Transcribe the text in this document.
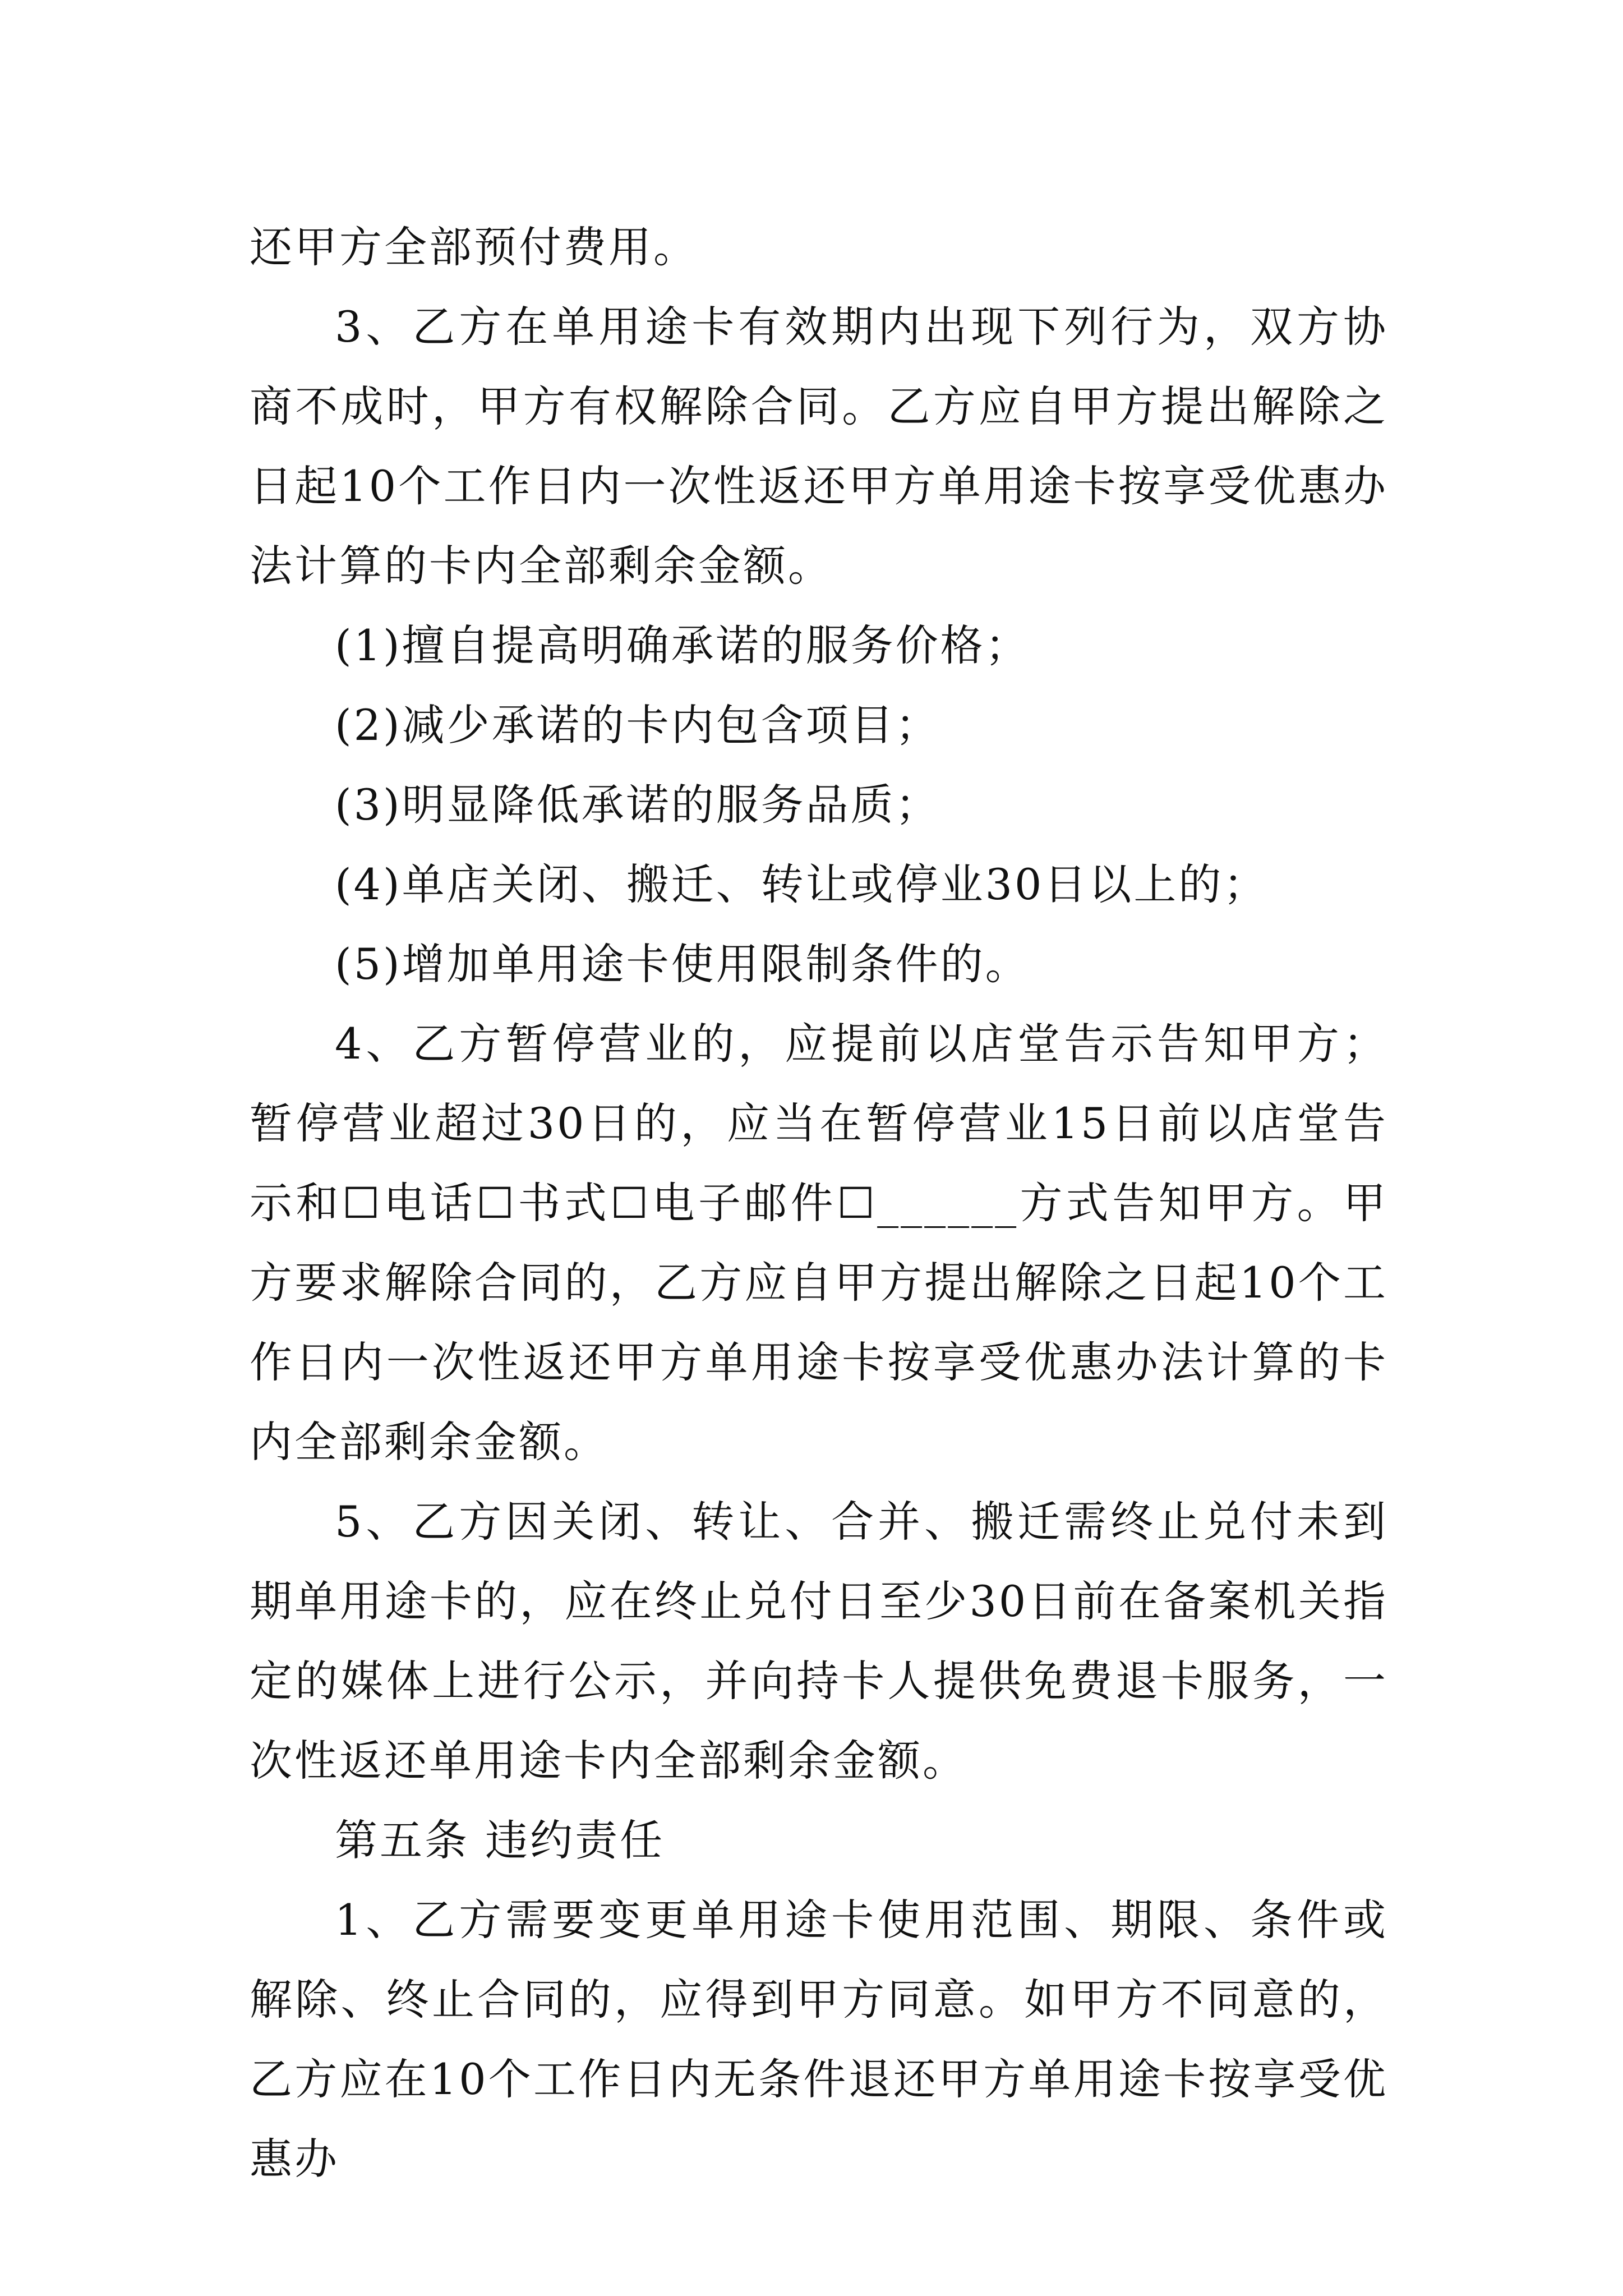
还甲方全部预付费用。

3、乙方在单用途卡有效期内出现下列行为，双方协商不成时，甲方有权解除合同。乙方应自甲方提出解除之日起10个工作日内一次性返还甲方单用途卡按享受优惠办法计算的卡内全部剩余金额。

(1)擅自提高明确承诺的服务价格；

(2)减少承诺的卡内包含项目；

(3)明显降低承诺的服务品质；

(4)单店关闭、搬迁、转让或停业30日以上的；

(5)增加单用途卡使用限制条件的。

4、乙方暂停营业的，应提前以店堂告示告知甲方；暂停营业超过30日的，应当在暂停营业15日前以店堂告示和☐电话☐书式☐电子邮件☐______方式告知甲方。甲方要求解除合同的，乙方应自甲方提出解除之日起10个工作日内一次性返还甲方单用途卡按享受优惠办法计算的卡内全部剩余金额。

5、乙方因关闭、转让、合并、搬迁需终止兑付未到期单用途卡的，应在终止兑付日至少30日前在备案机关指定的媒体上进行公示，并向持卡人提供免费退卡服务，一次性返还单用途卡内全部剩余金额。

第五条 违约责任

1、乙方需要变更单用途卡使用范围、期限、条件或解除、终止合同的，应得到甲方同意。如甲方不同意的，乙方应在10个工作日内无条件退还甲方单用途卡按享受优惠办
